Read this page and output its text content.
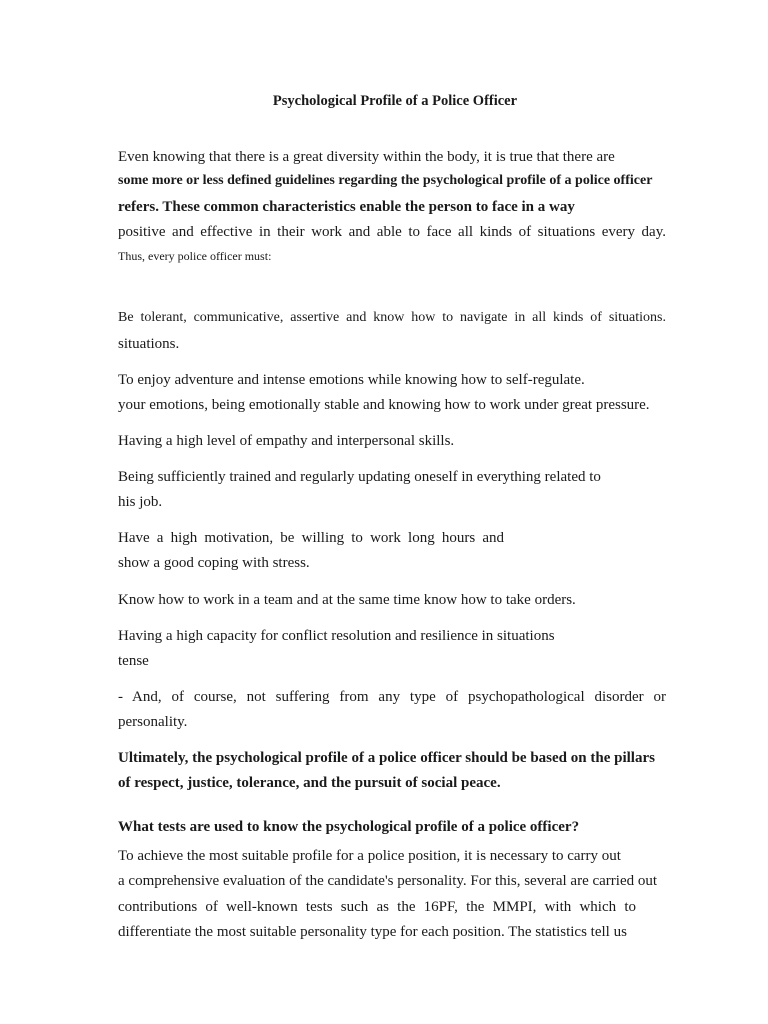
Psychological Profile of a Police Officer
Even knowing that there is a great diversity within the body, it is true that there are
some more or less defined guidelines regarding the psychological profile of a police officer
refers. These common characteristics enable the person to face in a way
positive and effective in their work and able to face all kinds of situations every day.
Thus, every police officer must:
Be tolerant, communicative, assertive and know how to navigate in all kinds of situations.
situations.
To enjoy adventure and intense emotions while knowing how to self-regulate.
your emotions, being emotionally stable and knowing how to work under great pressure.
Having a high level of empathy and interpersonal skills.
Being sufficiently trained and regularly updating oneself in everything related to
his job.
Have a high motivation, be willing to work long hours and
show a good coping with stress.
Know how to work in a team and at the same time know how to take orders.
Having a high capacity for conflict resolution and resilience in situations
tense
- And, of course, not suffering from any type of psychopathological disorder or
personality.
Ultimately, the psychological profile of a police officer should be based on the pillars
of respect, justice, tolerance, and the pursuit of social peace.
What tests are used to know the psychological profile of a police officer?
To achieve the most suitable profile for a police position, it is necessary to carry out
a comprehensive evaluation of the candidate's personality. For this, several are carried out
contributions of well-known tests such as the 16PF, the MMPI, with which to
differentiate the most suitable personality type for each position. The statistics tell us
